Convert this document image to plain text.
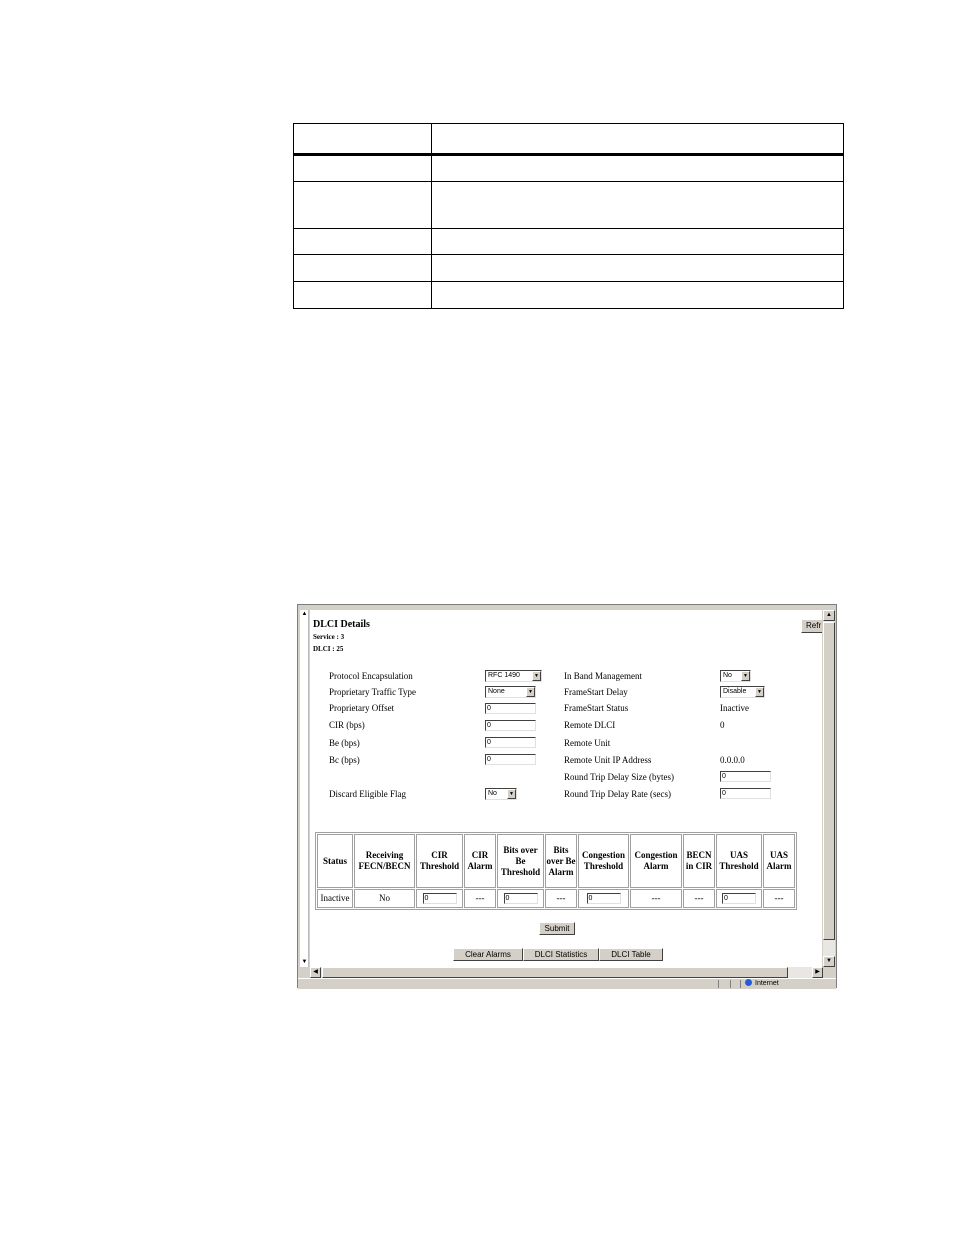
▲
▼
DLCI Details
Service : 3
DLCI : 25
Refr
Protocol Encapsulation	RFC 1490	▼
Proprietary Traffic Type	None	▼
Proprietary Offset	0
CIR (bps)	0
Be (bps)	0
Bc (bps)	0
Discard Eligible Flag	No	▼
In Band Management	No	▼
FrameStart Delay	Disable	▼
FrameStart Status	Inactive
Remote DLCI	0
Remote Unit
Remote Unit IP Address	0.0.0.0
Round Trip Delay Size (bytes)	0
Round Trip Delay Rate (secs)	0
Status	Receiving FECN/BECN	CIR Threshold	CIR Alarm	Bits over Be Threshold	Bits over Be Alarm	Congestion Threshold	Congestion Alarm	BECN in CIR	UAS Threshold	UAS Alarm
Inactive	No	0	---	0	---	0	---	---	0	---
Submit
Clear Alarms	DLCI Statistics	DLCI Table
▲
▼
◀	▶
Internet
